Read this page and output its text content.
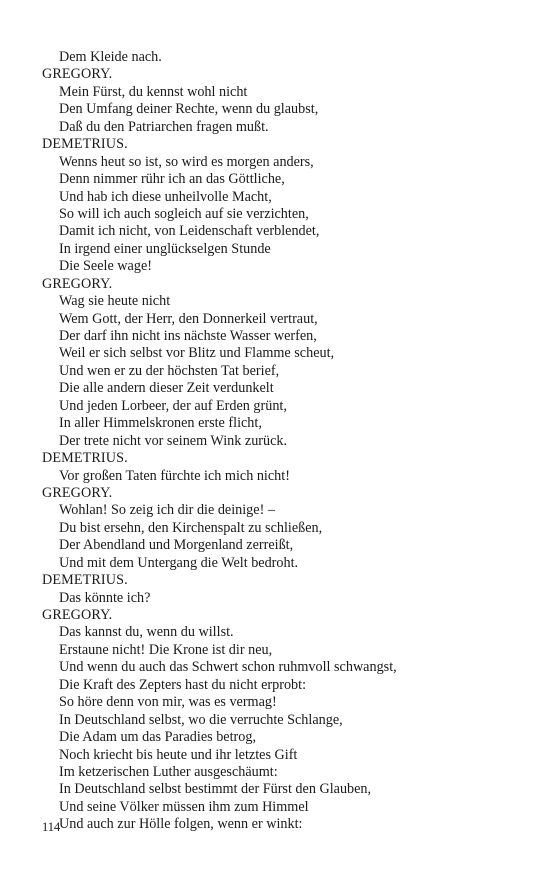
Dem Kleide nach.
GREGORY.
Mein Fürst, du kennst wohl nicht
Den Umfang deiner Rechte, wenn du glaubst,
Daß du den Patriarchen fragen mußt.
DEMETRIUS.
Wenns heut so ist, so wird es morgen anders,
Denn nimmer rühr ich an das Göttliche,
Und hab ich diese unheilvolle Macht,
So will ich auch sogleich auf sie verzichten,
Damit ich nicht, von Leidenschaft verblendet,
In irgend einer unglückselgen Stunde
Die Seele wage!
GREGORY.
Wag sie heute nicht
Wem Gott, der Herr, den Donnerkeil vertraut,
Der darf ihn nicht ins nächste Wasser werfen,
Weil er sich selbst vor Blitz und Flamme scheut,
Und wen er zu der höchsten Tat berief,
Die alle andern dieser Zeit verdunkelt
Und jeden Lorbeer, der auf Erden grünt,
In aller Himmelskronen erste flicht,
Der trete nicht vor seinem Wink zurück.
DEMETRIUS.
Vor großen Taten fürchte ich mich nicht!
GREGORY.
Wohlan! So zeig ich dir die deinige! –
Du bist ersehn, den Kirchenspalt zu schließen,
Der Abendland und Morgenland zerreißt,
Und mit dem Untergang die Welt bedroht.
DEMETRIUS.
Das könnte ich?
GREGORY.
Das kannst du, wenn du willst.
Erstaune nicht! Die Krone ist dir neu,
Und wenn du auch das Schwert schon ruhmvoll schwangst,
Die Kraft des Zepters hast du nicht erprobt:
So höre denn von mir, was es vermag!
In Deutschland selbst, wo die verruchte Schlange,
Die Adam um das Paradies betrog,
Noch kriecht bis heute und ihr letztes Gift
Im ketzerischen Luther ausgeschäumt:
In Deutschland selbst bestimmt der Fürst den Glauben,
Und seine Völker müssen ihm zum Himmel
Und auch zur Hölle folgen, wenn er winkt:
114
